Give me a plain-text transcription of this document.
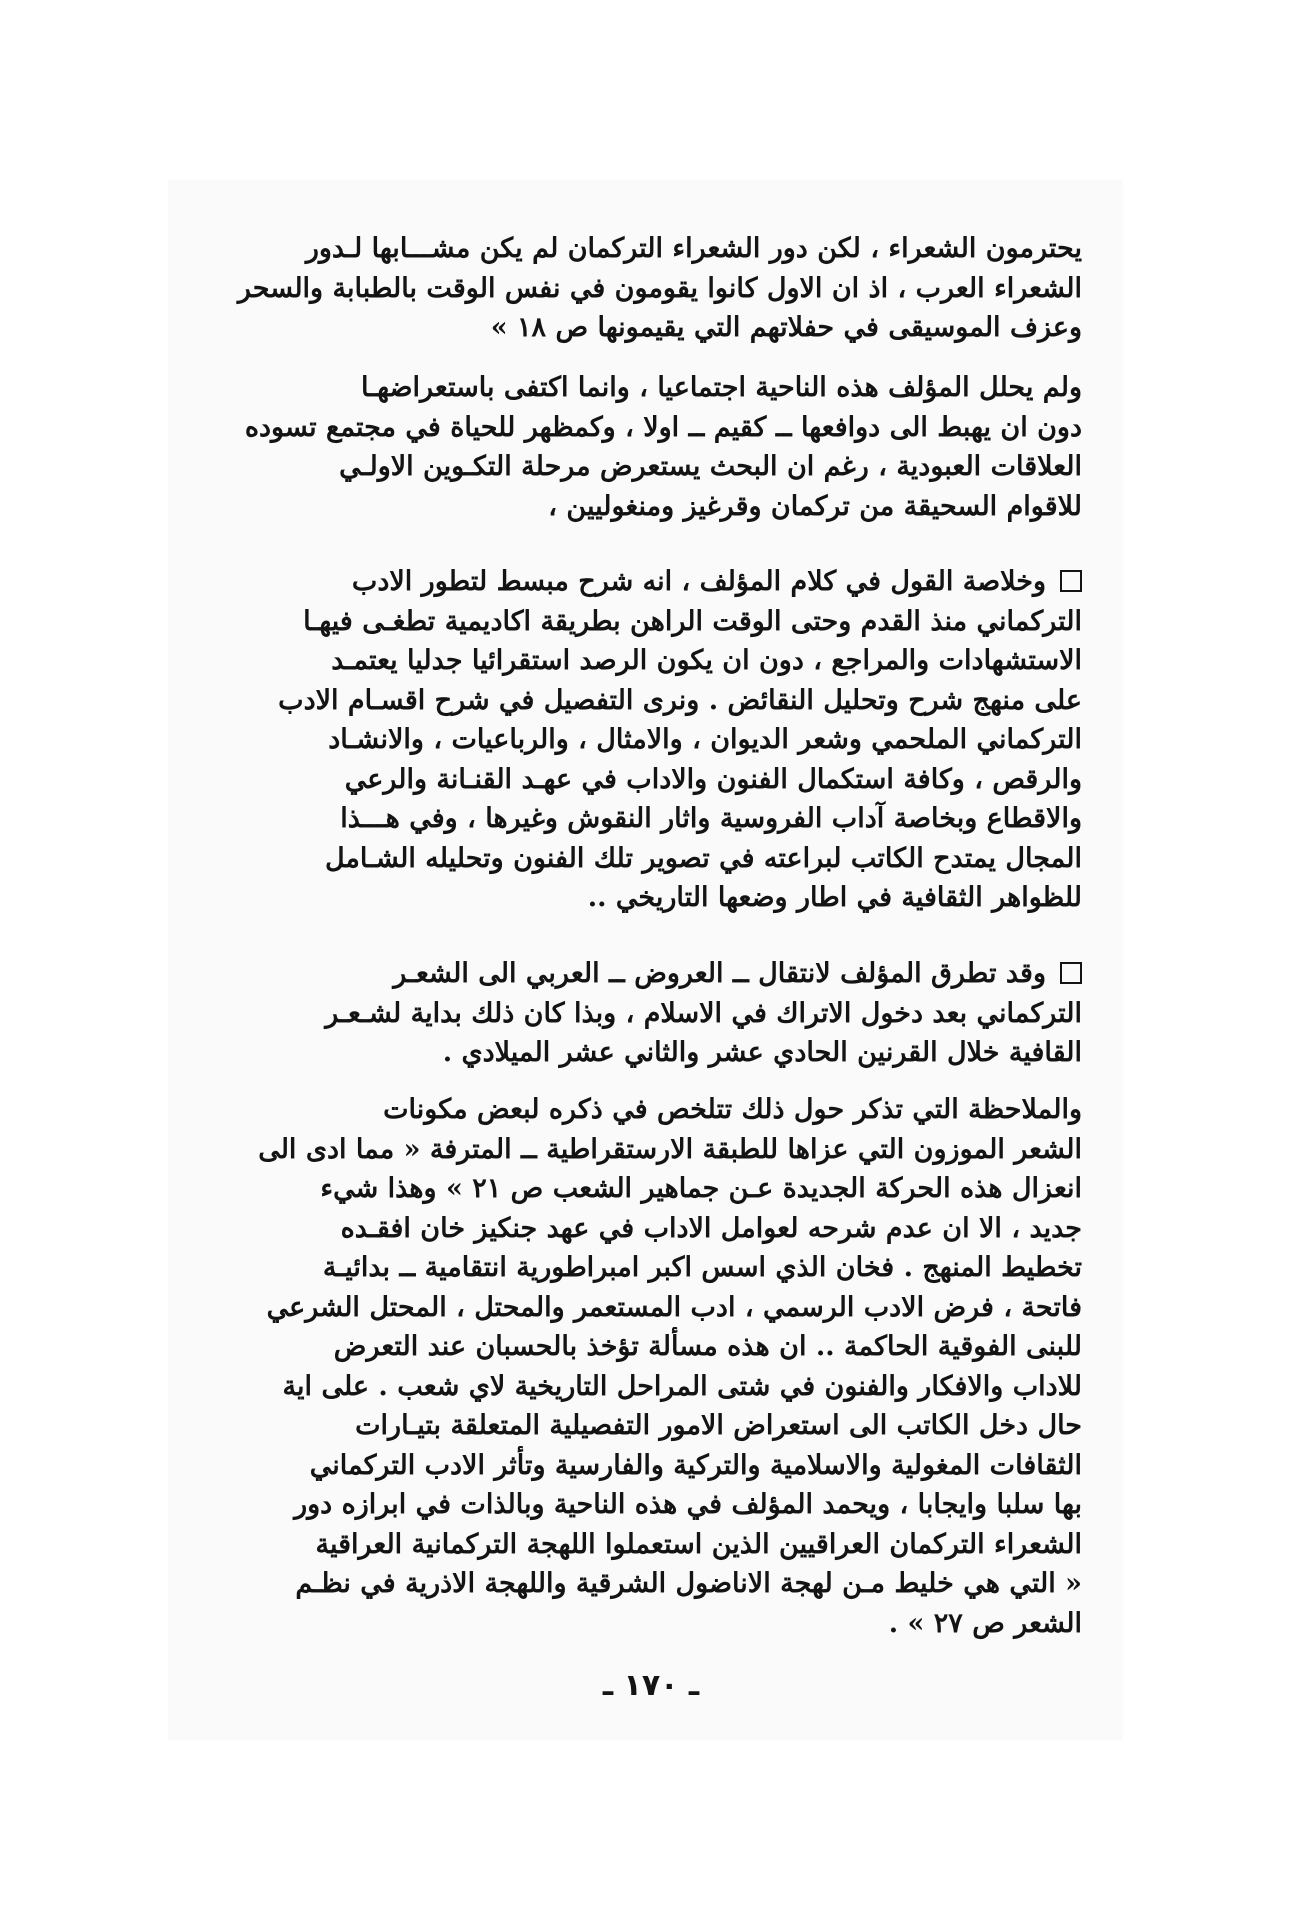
يحترمون الشعراء ، لكن دور الشعراء التركمان لم يكن مشـــابها لـدور
الشعراء العرب ، اذ ان الاول كانوا يقومون في نفس الوقت بالطبابة والسحر
وعزف الموسيقى في حفلاتهم التي يقيمونها ص ١٨ »
ولم يحلل المؤلف هذه الناحية اجتماعيا ، وانما اكتفى باستعراضهـا
دون ان يهبط الى دوافعها ــ كقيم ــ اولا ، وكمظهر للحياة في مجتمع تسوده
العلاقات العبودية ، رغم ان البحث يستعرض مرحلة التكـوين الاولـي
للاقوام السحيقة من تركمان وقرغيز ومنغوليين ،
وخلاصة القول في كلام المؤلف ، انه شرح مبسط لتطور الادب
التركماني منذ القدم وحتى الوقت الراهن بطريقة اكاديمية تطغـى فيهـا
الاستشهادات والمراجع ، دون ان يكون الرصد استقرائيا جدليا يعتمـد
على منهج شرح وتحليل النقائض . ونرى التفصيل في شرح اقسـام الادب
التركماني الملحمي وشعر الديوان ، والامثال ، والرباعيات ، والانشـاد
والرقص ، وكافة استكمال الفنون والاداب في عهـد القنـانة والرعي
والاقطاع وبخاصة آداب الفروسية واثار النقوش وغيرها ، وفي هـــذا
المجال يمتدح الكاتب لبراعته في تصوير تلك الفنون وتحليله الشـامل
للظواهر الثقافية في اطار وضعها التاريخي ..
وقد تطرق المؤلف لانتقال ــ العروض ــ العربي الى الشعـر
التركماني بعد دخول الاتراك في الاسلام ، وبذا كان ذلك بداية لشـعـر
القافية خلال القرنين الحادي عشر والثاني عشر الميلادي .
والملاحظة التي تذكر حول ذلك تتلخص في ذكره لبعض مكونات
الشعر الموزون التي عزاها للطبقة الارستقراطية ــ المترفة « مما ادى الى
انعزال هذه الحركة الجديدة عـن جماهير الشعب ص ٢١ » وهذا شيء
جديد ، الا ان عدم شرحه لعوامل الاداب في عهد جنكيز خان افقـده
تخطيط المنهج . فخان الذي اسس اكبر امبراطورية انتقامية ــ بدائيـة
فاتحة ، فرض الادب الرسمي ، ادب المستعمر والمحتل ، المحتل الشرعي
للبنى الفوقية الحاكمة .. ان هذه مسألة تؤخذ بالحسبان عند التعرض
للاداب والافكار والفنون في شتى المراحل التاريخية لاي شعب . على اية
حال دخل الكاتب الى استعراض الامور التفصيلية المتعلقة بتيـارات
الثقافات المغولية والاسلامية والتركية والفارسية وتأثر الادب التركماني
بها سلبا وايجابا ، ويحمد المؤلف في هذه الناحية وبالذات في ابرازه دور
الشعراء التركمان العراقيين الذين استعملوا اللهجة التركمانية العراقية
« التي هي خليط مـن لهجة الاناضول الشرقية واللهجة الاذرية في نظـم
الشعر ص ٢٧ » .
ـ ١٧٠ ـ
